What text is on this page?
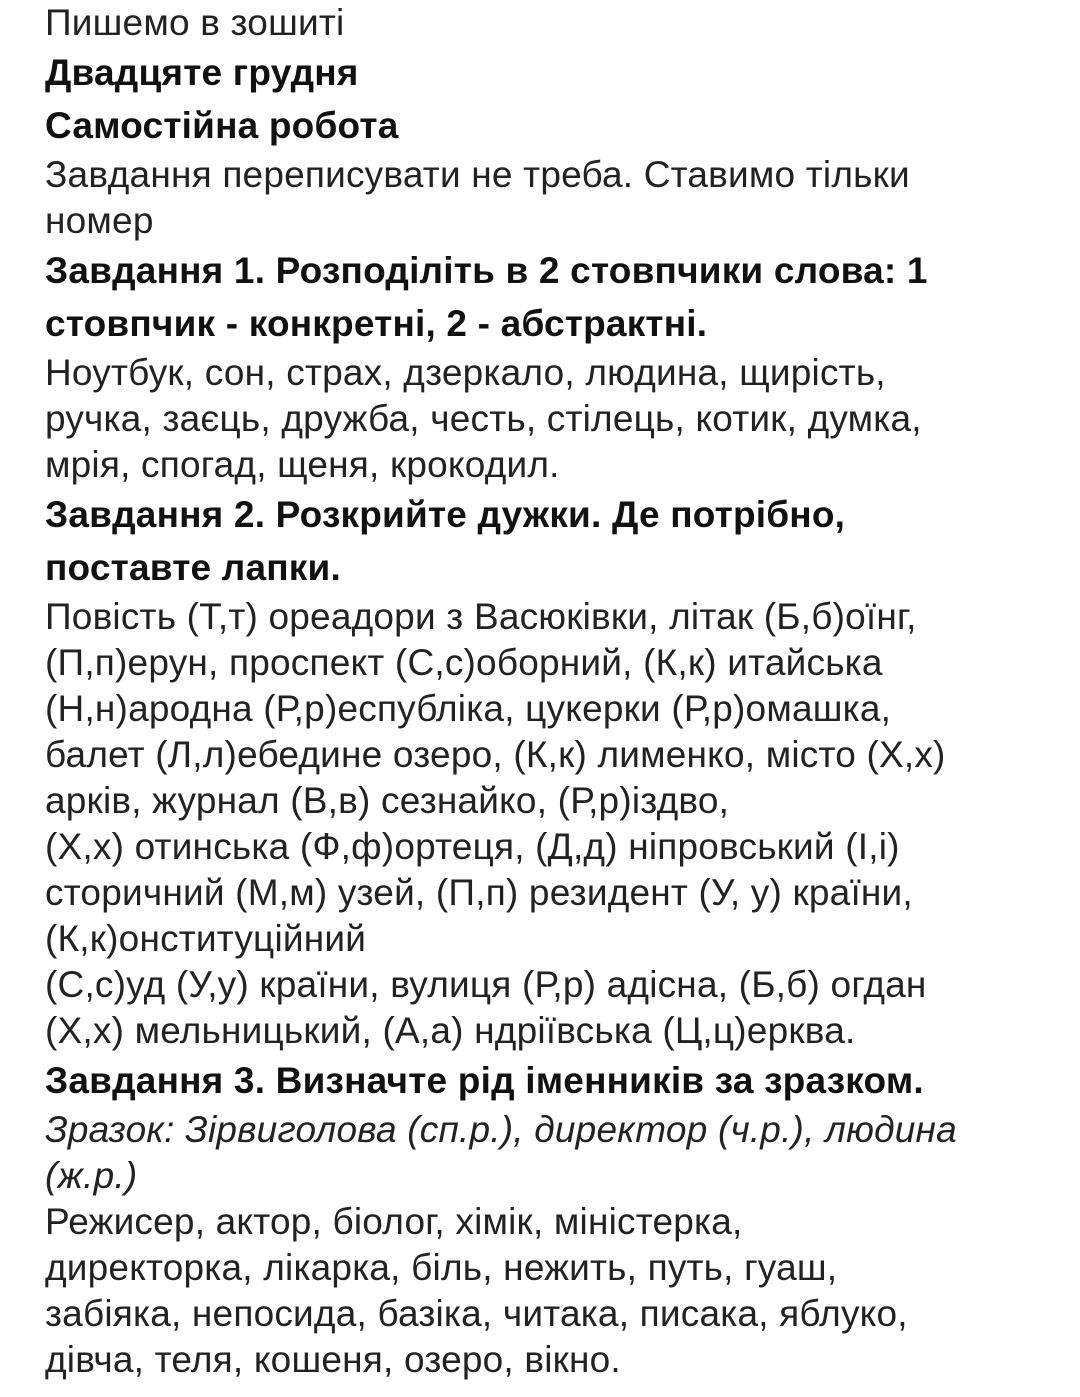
Пишемо в зошиті

Двадцяте грудня

Самостійна робота

Завдання переписувати не треба. Ставимо тільки

номер

Завдання 1. Розподіліть в 2 стовпчики слова: 1

стовпчик - конкретні, 2 - абстрактні.

Ноутбук, сон, страх, дзеркало, людина, щирість,

ручка, заєць, дружба, честь, стілець, котик, думка,

мрія, спогад, щеня, крокодил.

Завдання 2. Розкрийте дужки. Де потрібно,

поставте лапки.

Повість (Т,т) ореадори з Васюківки, літак (Б,б)оїнг,

(П,п)ерун, проспект (С,с)оборний, (К,к) итайська

(Н,н)ародна (Р,р)еспубліка, цукерки (Р,р)омашка,

балет (Л,л)ебедине озеро, (К,к) лименко, місто (Х,х)

арків, журнал (В,в) сезнайко, (Р,р)іздво,

(Х,х) отинська (Ф,ф)ортеця, (Д,д) ніпровський (І,і)

сторичний (М,м) узей, (П,п) резидент (У, у) країни,

(К,к)онституційний

(С,с)уд (У,у) країни, вулиця (Р,р) адісна, (Б,б) огдан

(Х,х) мельницький, (А,а) ндріївська (Ц,ц)ерква.

Завдання 3. Визначте рід іменників за зразком.

Зразок: Зірвиголова (сп.р.), директор (ч.р.), людина

(ж.р.)

Режисер, актор, біолог, хімік, міністерка,

директорка, лікарка, біль, нежить, путь, гуаш,

забіяка, непосида, базіка, читака, писака, яблуко,

дівча, теля, кошеня, озеро, вікно.
